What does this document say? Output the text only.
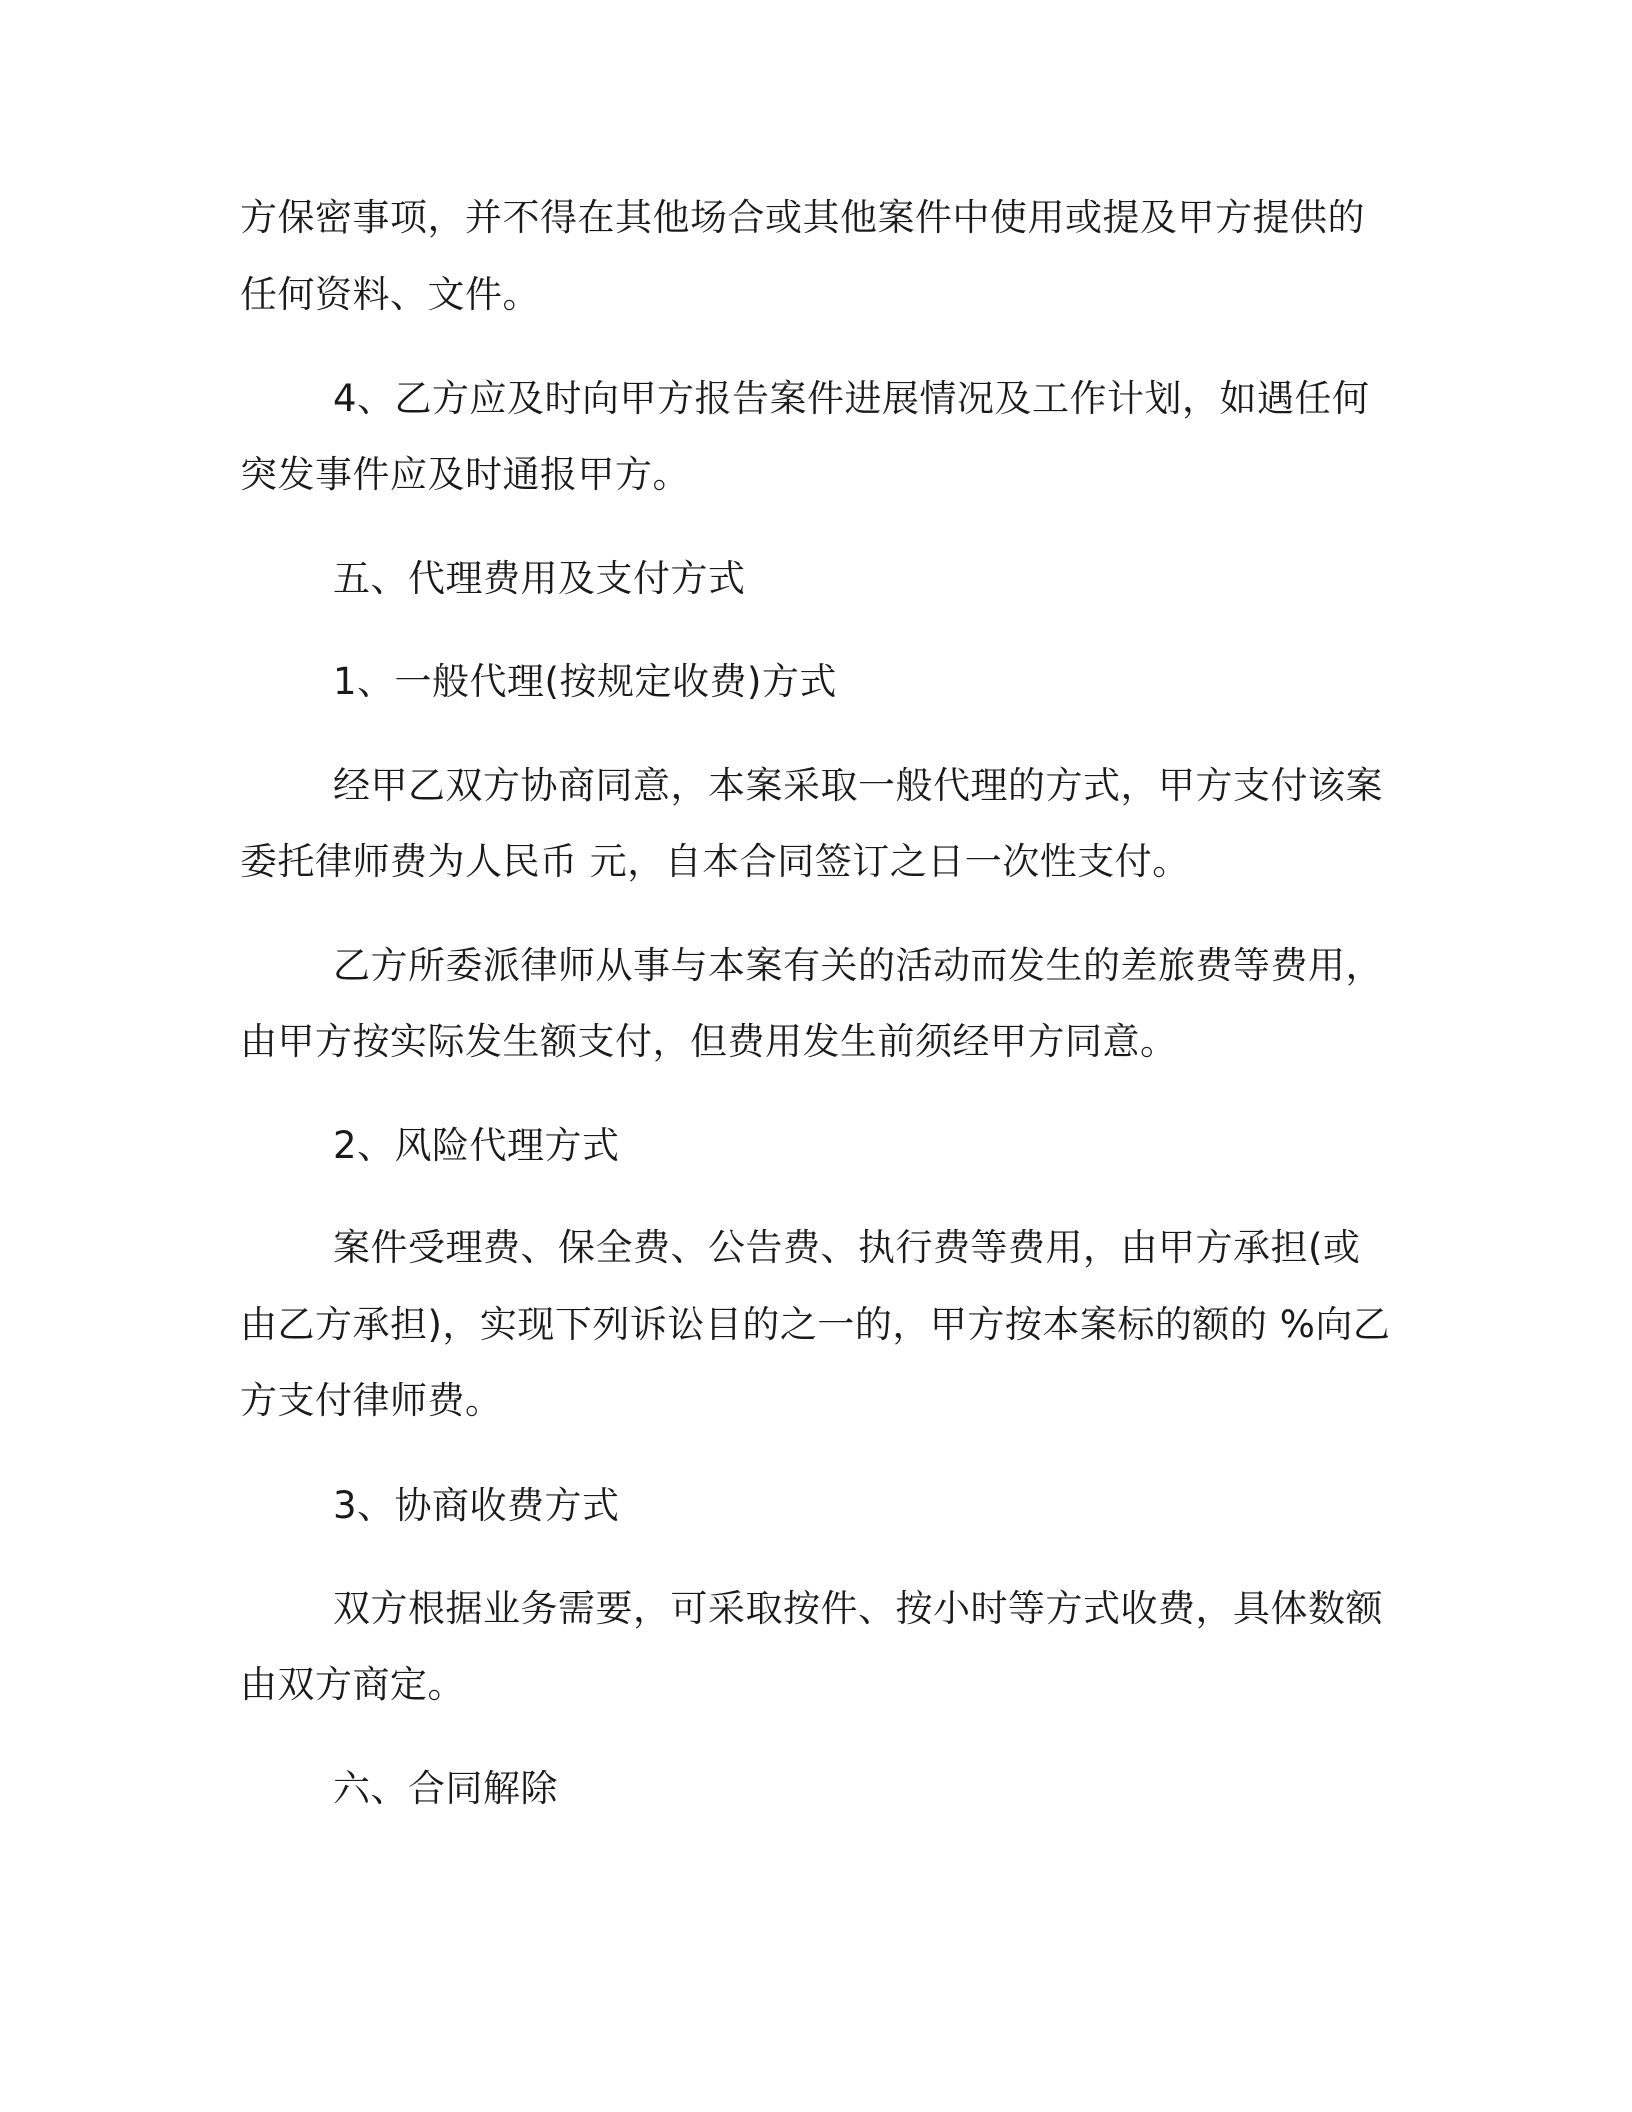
方保密事项，并不得在其他场合或其他案件中使用或提及甲方提供的
任何资料、文件。
4、乙方应及时向甲方报告案件进展情况及工作计划，如遇任何
突发事件应及时通报甲方。
五、代理费用及支付方式
1、一般代理(按规定收费)方式
经甲乙双方协商同意，本案采取一般代理的方式，甲方支付该案
委托律师费为人民币 元，自本合同签订之日一次性支付。
乙方所委派律师从事与本案有关的活动而发生的差旅费等费用，
由甲方按实际发生额支付，但费用发生前须经甲方同意。
2、风险代理方式
案件受理费、保全费、公告费、执行费等费用，由甲方承担(或
由乙方承担)，实现下列诉讼目的之一的，甲方按本案标的额的 %向乙
方支付律师费。
3、协商收费方式
双方根据业务需要，可采取按件、按小时等方式收费，具体数额
由双方商定。
六、合同解除
